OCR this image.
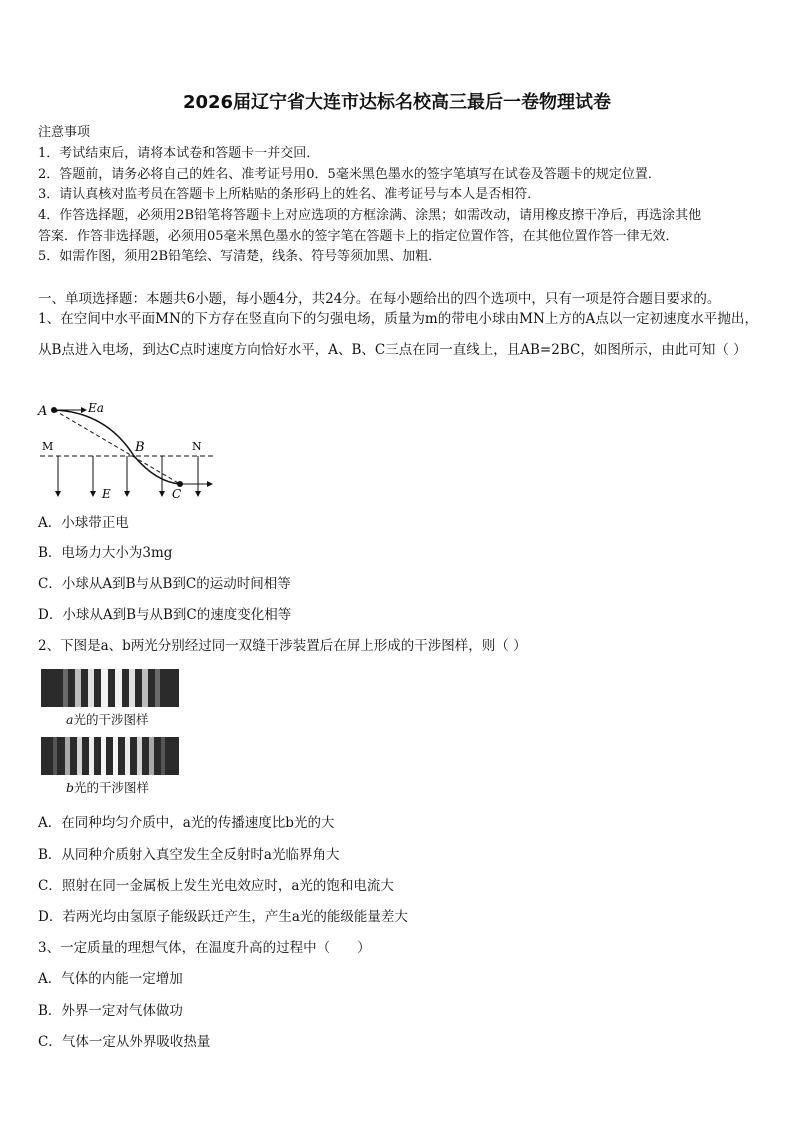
2026届辽宁省大连市达标名校高三最后一卷物理试卷
注意事项
1．考试结束后，请将本试卷和答题卡一并交回．
2．答题前，请务必将自己的姓名、准考证号用0．5毫米黑色墨水的签字笔填写在试卷及答题卡的规定位置．
3．请认真核对监考员在答题卡上所粘贴的条形码上的姓名、准考证号与本人是否相符．
4．作答选择题，必须用2B铅笔将答题卡上对应选项的方框涂满、涂黑；如需改动，请用橡皮擦干净后，再选涂其他
答案．作答非选择题，必须用05毫米黑色墨水的签字笔在答题卡上的指定位置作答，在其他位置作答一律无效．
5．如需作图，须用2B铅笔绘、写清楚，线条、符号等须加黑、加粗．
一、单项选择题：本题共6小题，每小题4分，共24分。在每小题给出的四个选项中，只有一项是符合题目要求的。
1、在空间中水平面MN的下方存在竖直向下的匀强电场，质量为m的带电小球由MN上方的A点以一定初速度水平抛出，从B点进入电场，到达C点时速度方向恰好水平，A、B、C三点在同一直线上，且AB=2BC，如图所示，由此可知（ ）
A	Ea
M	B	N
E	C
A．小球带正电
B．电场力大小为3mg
C．小球从A到B与从B到C的运动时间相等
D．小球从A到B与从B到C的速度变化相等
2、下图是a、b两光分别经过同一双缝干涉装置后在屏上形成的干涉图样，则（ ）
a光的干涉图样
b光的干涉图样
A．在同种均匀介质中，a光的传播速度比b光的大
B．从同种介质射入真空发生全反射时a光临界角大
C．照射在同一金属板上发生光电效应时，a光的饱和电流大
D．若两光均由氢原子能级跃迁产生，产生a光的能级能量差大
3、一定质量的理想气体，在温度升高的过程中（　　）
A．气体的内能一定增加
B．外界一定对气体做功
C．气体一定从外界吸收热量
